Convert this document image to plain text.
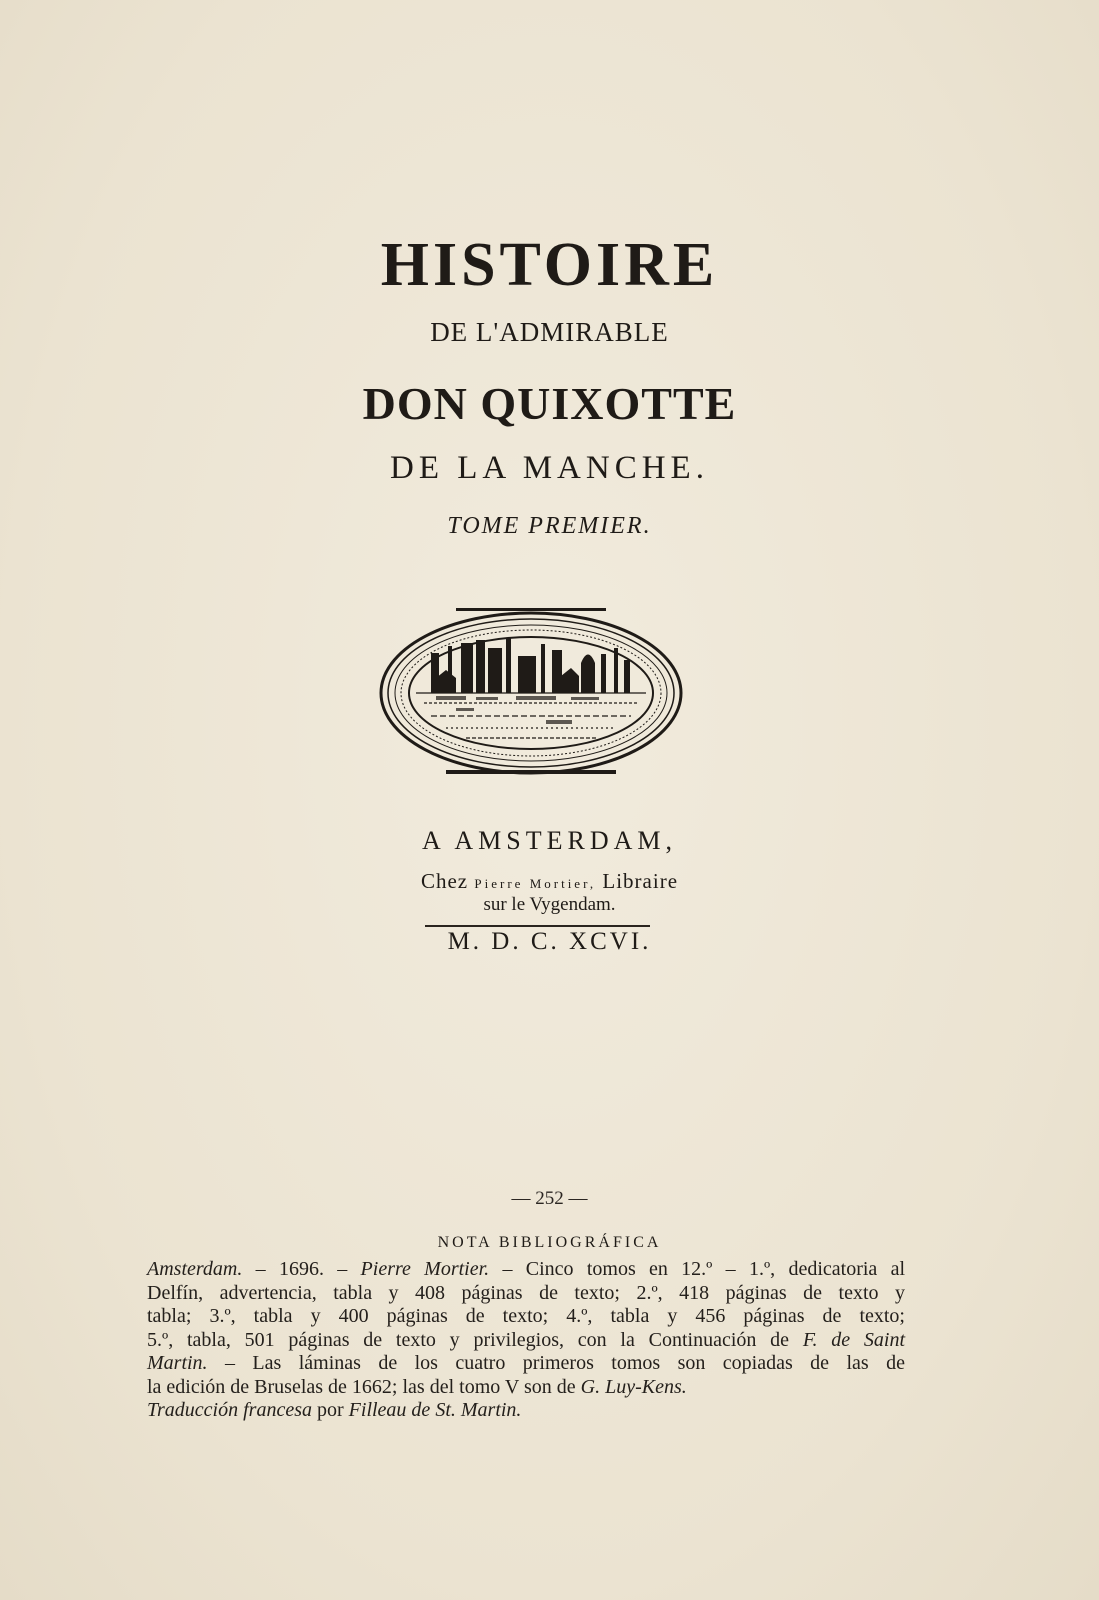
HISTOIRE
DE L'ADMIRABLE
DON QUIXOTTE
DE LA MANCHE.
TOME PREMIER.
A AMSTERDAM,
Chez Pierre Mortier, Libraire
sur le Vygendam.
M. D. C. XCVI.
— 252 —
NOTA BIBLIOGRÁFICA
Amsterdam. – 1696. – Pierre Mortier. – Cinco tomos en 12.º – 1.º, dedicatoria al
Delfín, advertencia, tabla y 408 páginas de texto; 2.º, 418 páginas de texto y
tabla; 3.º, tabla y 400 páginas de texto; 4.º, tabla y 456 páginas de texto;
5.º, tabla, 501 páginas de texto y privilegios, con la Continuación de F. de Saint
Martin. – Las láminas de los cuatro primeros tomos son copiadas de las de
la edición de Bruselas de 1662; las del tomo V son de G. Luy-Kens.
Traducción francesa por Filleau de St. Martin.
